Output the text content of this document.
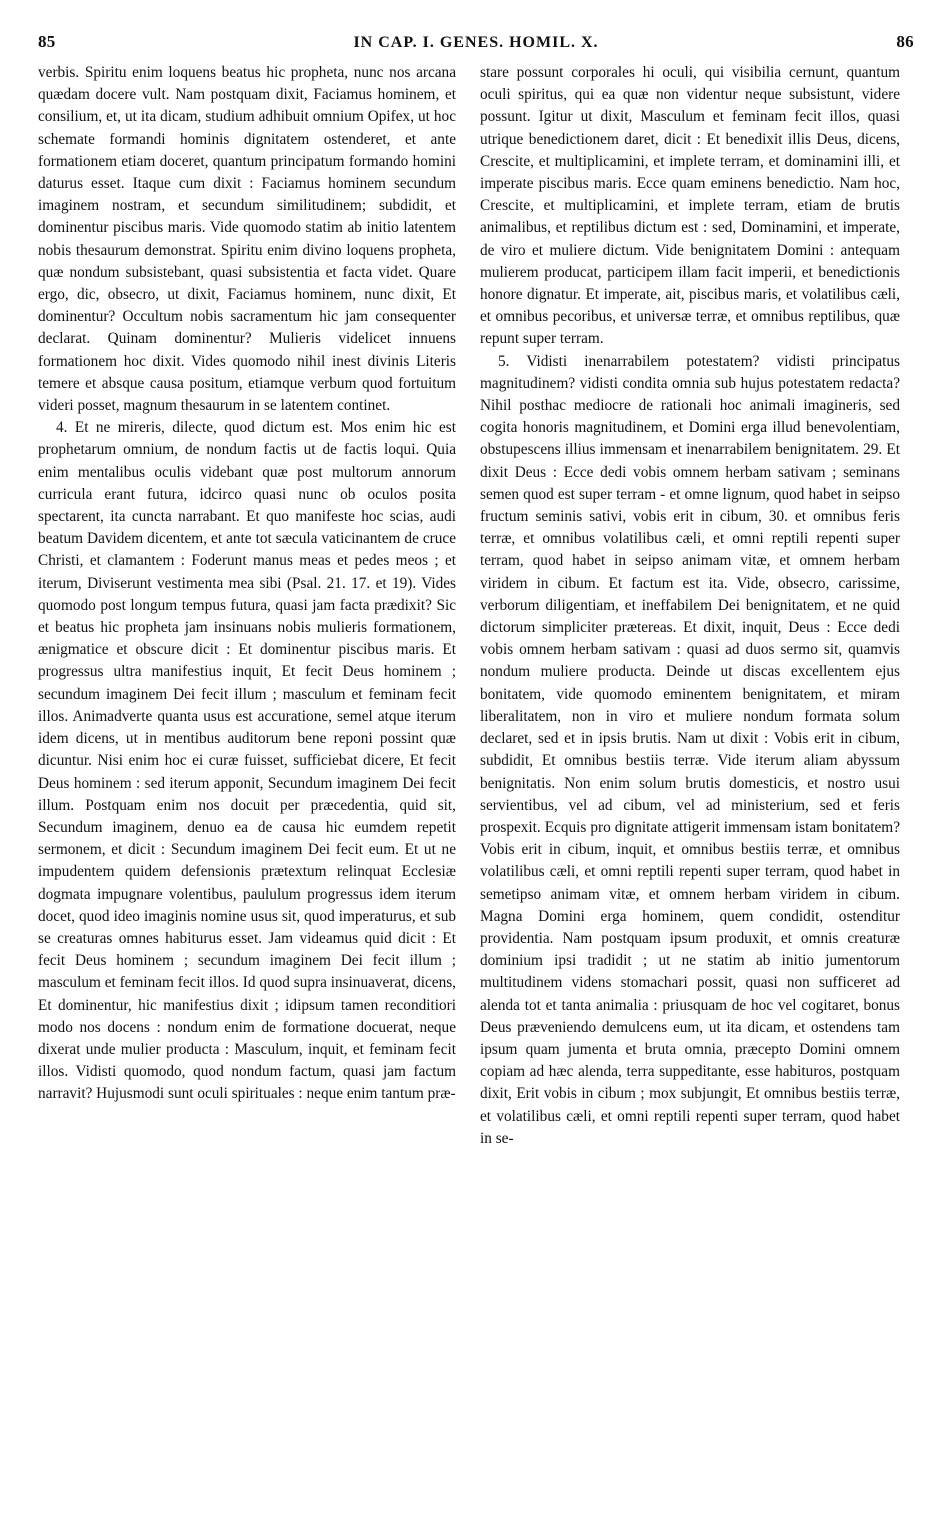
85	IN CAP. I. GENES. HOMIL. X.	86

verbis. Spiritu enim loquens beatus hic propheta, nunc nos arcana quædam docere vult. Nam postquam dixit, Faciamus hominem, et consilium, et, ut ita dicam, studium adhibuit omnium Opifex, ut hoc schemate formandi hominis dignitatem ostenderet, et ante formationem etiam doceret, quantum principatum formando homini daturus esset. Itaque cum dixit : Faciamus hominem secundum imaginem nostram, et secundum similitudinem; subdidit, et dominentur piscibus maris. Vide quomodo statim ab initio latentem nobis thesaurum demonstrat. Spiritu enim divino loquens propheta, quæ nondum subsistebant, quasi subsistentia et facta videt. Quare ergo, dic, obsecro, ut dixit, Faciamus hominem, nunc dixit, Et dominentur? Occultum nobis sacramentum hic jam consequenter declarat. Quinam dominentur? Mulieris videlicet innuens formationem hoc dixit. Vides quomodo nihil inest divinis Literis temere et absque causa positum, etiamque verbum quod fortuitum videri posset, magnum thesaurum in se latentem continet.

4. Et ne mireris, dilecte, quod dictum est. Mos enim hic est prophetarum omnium, de nondum factis ut de factis loqui. Quia enim mentalibus oculis videbant quæ post multorum annorum curricula erant futura, idcirco quasi nunc ob oculos posita spectarent, ita cuncta narrabant. Et quo manifeste hoc scias, audi beatum Davidem dicentem, et ante tot sæcula vaticinantem de cruce Christi, et clamantem : Foderunt manus meas et pedes meos ; et iterum, Diviserunt vestimenta mea sibi (Psal. 21. 17. et 19). Vides quomodo post longum tempus futura, quasi jam facta prædixit? Sic et beatus hic propheta jam insinuans nobis mulieris formationem, ænigmatice et obscure dicit : Et dominentur piscibus maris. Et progressus ultra manifestius inquit, Et fecit Deus hominem ; secundum imaginem Dei fecit illum ; masculum et feminam fecit illos. Animadverte quanta usus est accuratione, semel atque iterum idem dicens, ut in mentibus auditorum bene reponi possint quæ dicuntur. Nisi enim hoc ei curæ fuisset, sufficiebat dicere, Et fecit Deus hominem : sed iterum apponit, Secundum imaginem Dei fecit illum. Postquam enim nos docuit per præcedentia, quid sit, Secundum imaginem, denuo ea de causa hic eumdem repetit sermonem, et dicit : Secundum imaginem Dei fecit eum. Et ut ne impudentem quidem defensionis prætextum relinquat Ecclesiæ dogmata impugnare volentibus, paululum progressus idem iterum docet, quod ideo imaginis nomine usus sit, quod imperaturus, et sub se creaturas omnes habiturus esset. Jam videamus quid dicit : Et fecit Deus hominem ; secundum imaginem Dei fecit illum ; masculum et feminam fecit illos. Id quod supra insinuaverat, dicens, Et dominentur, hic manifestius dixit ; idipsum tamen reconditiori modo nos docens : nondum enim de formatione docuerat, neque dixerat unde mulier producta : Masculum, inquit, et feminam fecit illos. Vidisti quomodo, quod nondum factum, quasi jam factum narravit? Hujusmodi sunt oculi spirituales : neque enim tantum præ-

stare possunt corporales hi oculi, qui visibilia cernunt, quantum oculi spiritus, qui ea quæ non videntur neque subsistunt, videre possunt. Igitur ut dixit, Masculum et feminam fecit illos, quasi utrique benedictionem daret, dicit : Et benedixit illis Deus, dicens, Crescite, et multiplicamini, et implete terram, et dominamini illi, et imperate piscibus maris. Ecce quam eminens benedictio. Nam hoc, Crescite, et multiplicamini, et implete terram, etiam de brutis animalibus, et reptilibus dictum est : sed, Dominamini, et imperate, de viro et muliere dictum. Vide benignitatem Domini : antequam mulierem producat, participem illam facit imperii, et benedictionis honore dignatur. Et imperate, ait, piscibus maris, et volatilibus cæli, et omnibus pecoribus, et universæ terræ, et omnibus reptilibus, quæ repunt super terram.

5. Vidisti inenarrabilem potestatem? vidisti principatus magnitudinem? vidisti condita omnia sub hujus potestatem redacta? Nihil posthac mediocre de rationali hoc animali imagineris, sed cogita honoris magnitudinem, et Domini erga illud benevolentiam, obstupescens illius immensam et inenarrabilem benignitatem. 29. Et dixit Deus : Ecce dedi vobis omnem herbam sativam ; seminans semen quod est super terram - et omne lignum, quod habet in seipso fructum seminis sativi, vobis erit in cibum, 30. et omnibus feris terræ, et omnibus volatilibus cæli, et omni reptili repenti super terram, quod habet in seipso animam vitæ, et omnem herbam viridem in cibum. Et factum est ita. Vide, obsecro, carissime, verborum diligentiam, et ineffabilem Dei benignitatem, et ne quid dictorum simpliciter prætereas. Et dixit, inquit, Deus : Ecce dedi vobis omnem herbam sativam : quasi ad duos sermo sit, quamvis nondum muliere producta. Deinde ut discas excellentem ejus bonitatem, vide quomodo eminentem benignitatem, et miram liberalitatem, non in viro et muliere nondum formata solum declaret, sed et in ipsis brutis. Nam ut dixit : Vobis erit in cibum, subdidit, Et omnibus bestiis terræ. Vide iterum aliam abyssum benignitatis. Non enim solum brutis domesticis, et nostro usui servientibus, vel ad cibum, vel ad ministerium, sed et feris prospexit. Ecquis pro dignitate attigerit immensam istam bonitatem? Vobis erit in cibum, inquit, et omnibus bestiis terræ, et omnibus volatilibus cæli, et omni reptili repenti super terram, quod habet in semetipso animam vitæ, et omnem herbam viridem in cibum. Magna Domini erga hominem, quem condidit, ostenditur providentia. Nam postquam ipsum produxit, et omnis creaturæ dominium ipsi tradidit ; ut ne statim ab initio jumentorum multitudinem videns stomachari possit, quasi non sufficeret ad alenda tot et tanta animalia : priusquam de hoc vel cogitaret, bonus Deus præveniendo demulcens eum, ut ita dicam, et ostendens tam ipsum quam jumenta et bruta omnia, præcepto Domini omnem copiam ad hæc alenda, terra suppeditante, esse habituros, postquam dixit, Erit vobis in cibum ; mox subjungit, Et omnibus bestiis terræ, et volatilibus cæli, et omni reptili repenti super terram, quod habet in se-
